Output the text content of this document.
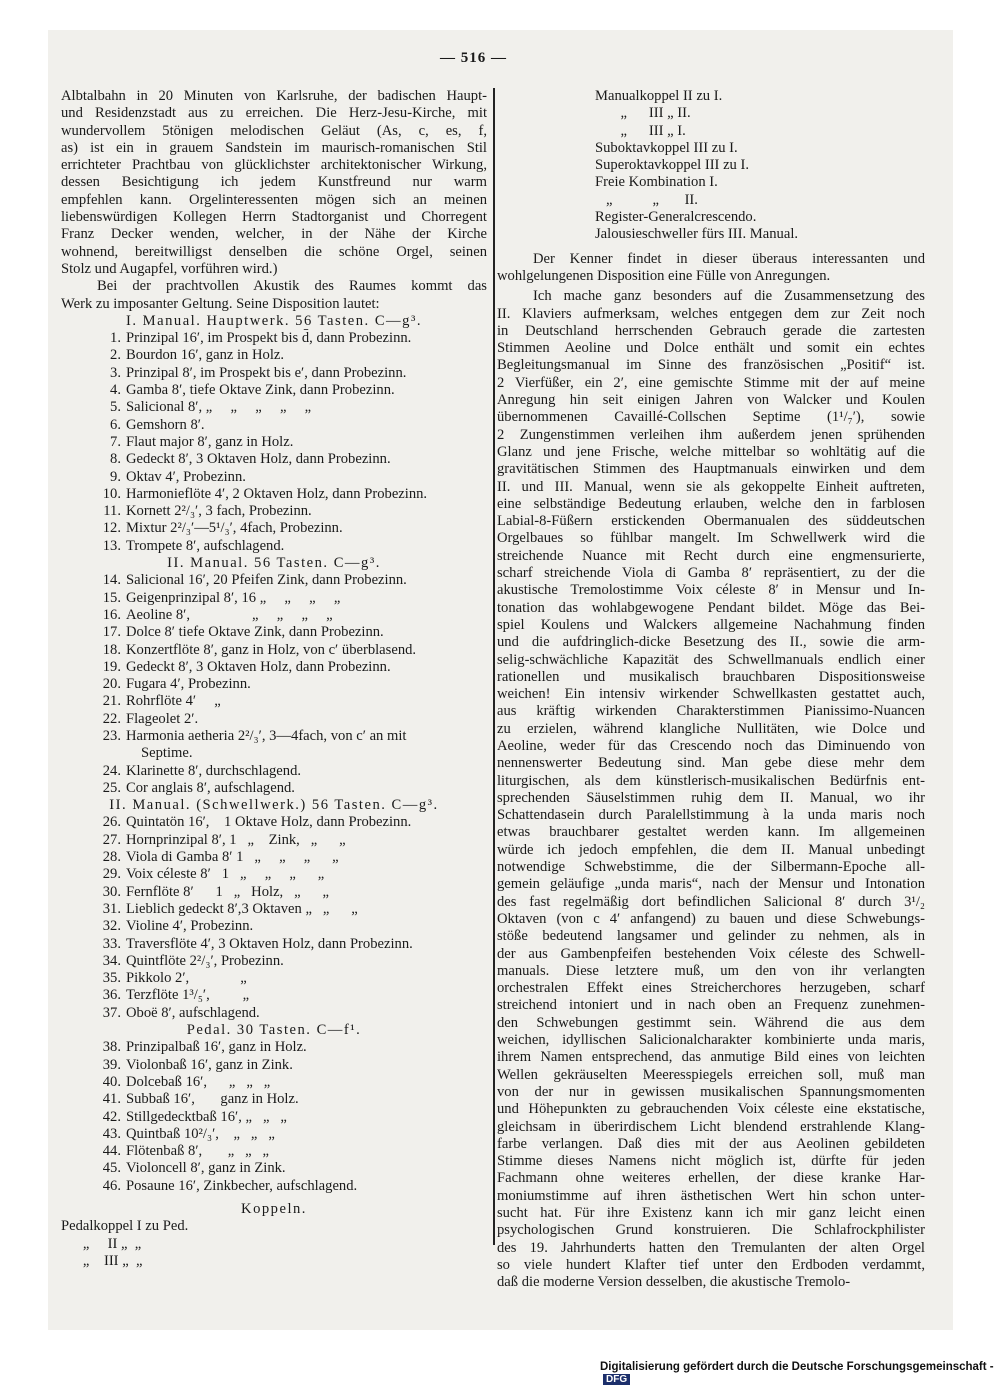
— 516 —
Albtalbahn in 20 Minuten von Karlsruhe, der badischen Haupt-
und Residenzstadt aus zu erreichen. Die Herz-Jesu-Kirche, mit
wundervollem 5tönigen melodischen Geläut (As, c, es, f,
as) ist ein in grauem Sandstein im maurisch-romanischen Stil
errichteter Prachtbau von glücklichster architektonischer Wirkung,
dessen Besichtigung ich jedem Kunstfreund nur warm
empfehlen kann. Orgelinteressenten mögen sich an meinen
liebenswürdigen Kollegen Herrn Stadtorganist und Chorregent
Franz Decker wenden, welcher, in der Nähe der Kirche
wohnend, bereitwilligst denselben die schöne Orgel, seinen
Stolz und Augapfel, vorführen wird.)
Bei der prachtvollen Akustik des Raumes kommt das
Werk zu imposanter Geltung. Seine Disposition lautet:
I. Manual. Hauptwerk. 56 Tasten. C—g³.
1. Prinzipal 16′, im Prospekt bis d̄, dann Probezinn.
2. Bourdon 16′, ganz in Holz.
3. Prinzipal 8′, im Prospekt bis e′, dann Probezinn.
4. Gamba 8′, tiefe Oktave Zink, dann Probezinn.
5. Salicional 8′, „     „     „     „     „
6. Gemshorn 8′.
7. Flaut major 8′, ganz in Holz.
8. Gedeckt 8′, 3 Oktaven Holz, dann Probezinn.
9. Oktav 4′, Probezinn.
10. Harmonieflöte 4′, 2 Oktaven Holz, dann Probezinn.
11. Kornett 2²/₃′, 3 fach, Probezinn.
12. Mixtur 2²/₃′—5¹/₃′, 4fach, Probezinn.
13. Trompete 8′, aufschlagend.
II. Manual. 56 Tasten. C—g³.
14. Salicional 16′, 20 Pfeifen Zink, dann Probezinn.
15. Geigenprinzipal 8′, 16 „     „     „     „
16. Aeoline 8′,                 „     „     „     „
17. Dolce 8′ tiefe Oktave Zink, dann Probezinn.
18. Konzertflöte 8′, ganz in Holz, von c′ überblasend.
19. Gedeckt 8′, 3 Oktaven Holz, dann Probezinn.
20. Fugara 4′, Probezinn.
21. Rohrflöte 4′     „
22. Flageolet 2′.
23. Harmonia aetheria 2²/₃′, 3—4fach, von c′ an mit
Septime.
24. Klarinette 8′, durchschlagend.
25. Cor anglais 8′, aufschlagend.
II. Manual. (Schwellwerk.) 56 Tasten. C—g³.
26. Quintatön 16′,    1 Oktave Holz, dann Probezinn.
27. Hornprinzipal 8′, 1   „    Zink,   „      „
28. Viola di Gamba 8′ 1   „     „     „      „
29. Voix céleste 8′   1   „     „     „      „
30. Fernflöte 8′      1   „   Holz,   „      „
31. Lieblich gedeckt 8′,3 Oktaven „   „      „
32. Violine 4′, Probezinn.
33. Traversflöte 4′, 3 Oktaven Holz, dann Probezinn.
34. Quintflöte 2²/₃′, Probezinn.
35. Pikkolo 2′,              „
36. Terzflöte 1³/₅′,         „
37. Oboë 8′, aufschlagend.
Pedal. 30 Tasten. C—f¹.
38. Prinzipalbaß 16′, ganz in Holz.
39. Violonbaß 16′, ganz in Zink.
40. Dolcebaß 16′,      „   „   „
41. Subbaß 16′,       ganz in Holz.
42. Stillgedecktbaß 16′, „   „   „
43. Quintbaß 10²/₃′,    „   „   „
44. Flötenbaß 8′,       „   „   „
45. Violoncell 8′, ganz in Zink.
46. Posaune 16′, Zinkbecher, aufschlagend.
Koppeln.
Pedalkoppel I zu Ped.
„     II „  „
„    III „  „
Manualkoppel II zu I.
„      III „ II.
„      III „ I.
Suboktavkoppel III zu I.
Superoktavkoppel III zu I.
Freie Kombination I.
„           „       II.
Register-Generalcrescendo.
Jalousieschweller fürs III. Manual.
Der Kenner findet in dieser überaus interessanten und
wohlgelungenen Disposition eine Fülle von Anregungen.
Ich mache ganz besonders auf die Zusammensetzung des
II. Klaviers aufmerksam, welches entgegen dem zur Zeit noch
in Deutschland herrschenden Gebrauch gerade die zartesten
Stimmen Aeoline und Dolce enthält und somit ein echtes
Begleitungsmanual im Sinne des französischen „Positif“ ist.
2 Vierfüßer, ein 2′, eine gemischte Stimme mit der auf meine
Anregung hin seit einigen Jahren von Walcker und Koulen
übernommenen Cavaillé-Collschen Septime (1¹/₇′), sowie
2 Zungenstimmen verleihen ihm außerdem jenen sprühenden
Glanz und jene Frische, welche mittelbar so wohltätig auf die
gravitätischen Stimmen des Hauptmanuals einwirken und dem
II. und III. Manual, wenn sie als gekoppelte Einheit auftreten,
eine selbständige Bedeutung erlauben, welche den in farblosen
Labial-8-Füßern erstickenden Obermanualen des süddeutschen
Orgelbaues so fühlbar mangelt. Im Schwellwerk wird die
streichende Nuance mit Recht durch eine engmensurierte,
scharf streichende Viola di Gamba 8′ repräsentiert, zu der die
akustische Tremolostimme Voix céleste 8′ in Mensur und In-
tonation das wohlabgewogene Pendant bildet. Möge das Bei-
spiel Koulens und Walckers allgemeine Nachahmung finden
und die aufdringlich-dicke Besetzung des II., sowie die arm-
selig-schwächliche Kapazität des Schwellmanuals endlich einer
rationellen und musikalisch brauchbaren Dispositionsweise
weichen! Ein intensiv wirkender Schwellkasten gestattet auch,
aus kräftig wirkenden Charakterstimmen Pianissimo-Nuancen
zu erzielen, während klangliche Nullitäten, wie Dolce und
Aeoline, weder für das Crescendo noch das Diminuendo von
nennenswerter Bedeutung sind. Man gebe diese mehr dem
liturgischen, als dem künstlerisch-musikalischen Bedürfnis ent-
sprechenden Säuselstimmen ruhig dem II. Manual, wo ihr
Schattendasein durch Paralellstimmung à la unda maris noch
etwas brauchbarer gestaltet werden kann. Im allgemeinen
würde ich jedoch empfehlen, die dem II. Manual unbedingt
notwendige Schwebstimme, die der Silbermann-Epoche all-
gemein geläufige „unda maris“, nach der Mensur und Intonation
des fast regelmäßig dort befindlichen Salicional 8′ durch 3¹/₂
Oktaven (von c 4′ anfangend) zu bauen und diese Schwebungs-
stöße bedeutend langsamer und gelinder zu nehmen, als in
der aus Gambenpfeifen bestehenden Voix céleste des Schwell-
manuals. Diese letztere muß, um den von ihr verlangten
orchestralen Effekt eines Streicherchores herzugeben, scharf
streichend intoniert und in nach oben an Frequenz zunehmen-
den Schwebungen gestimmt sein. Während die aus dem
weichen, idyllischen Salicionalcharakter kombinierte unda maris,
ihrem Namen entsprechend, das anmutige Bild eines von leichten
Wellen gekräuselten Meeresspiegels erreichen soll, muß man
von der nur in gewissen musikalischen Spannungsmomenten
und Höhepunkten zu gebrauchenden Voix céleste eine ekstatische,
gleichsam in überirdischem Licht blendend erstrahlende Klang-
farbe verlangen. Daß dies mit der aus Aeolinen gebildeten
Stimme dieses Namens nicht möglich ist, dürfte für jeden
Fachmann ohne weiteres erhellen, der diese kranke Har-
moniumstimme auf ihren ästhetischen Wert hin schon unter-
sucht hat. Für ihre Existenz kann ich mir ganz leicht einen
psychologischen Grund konstruieren. Die Schlafrockphilister
des 19. Jahrhunderts hatten den Tremulanten der alten Orgel
so viele hundert Klafter tief unter den Erdboden verdammt,
daß die moderne Version desselben, die akustische Tremolo-
Digitalisierung gefördert durch die Deutsche Forschungsgemeinschaft - DFG
